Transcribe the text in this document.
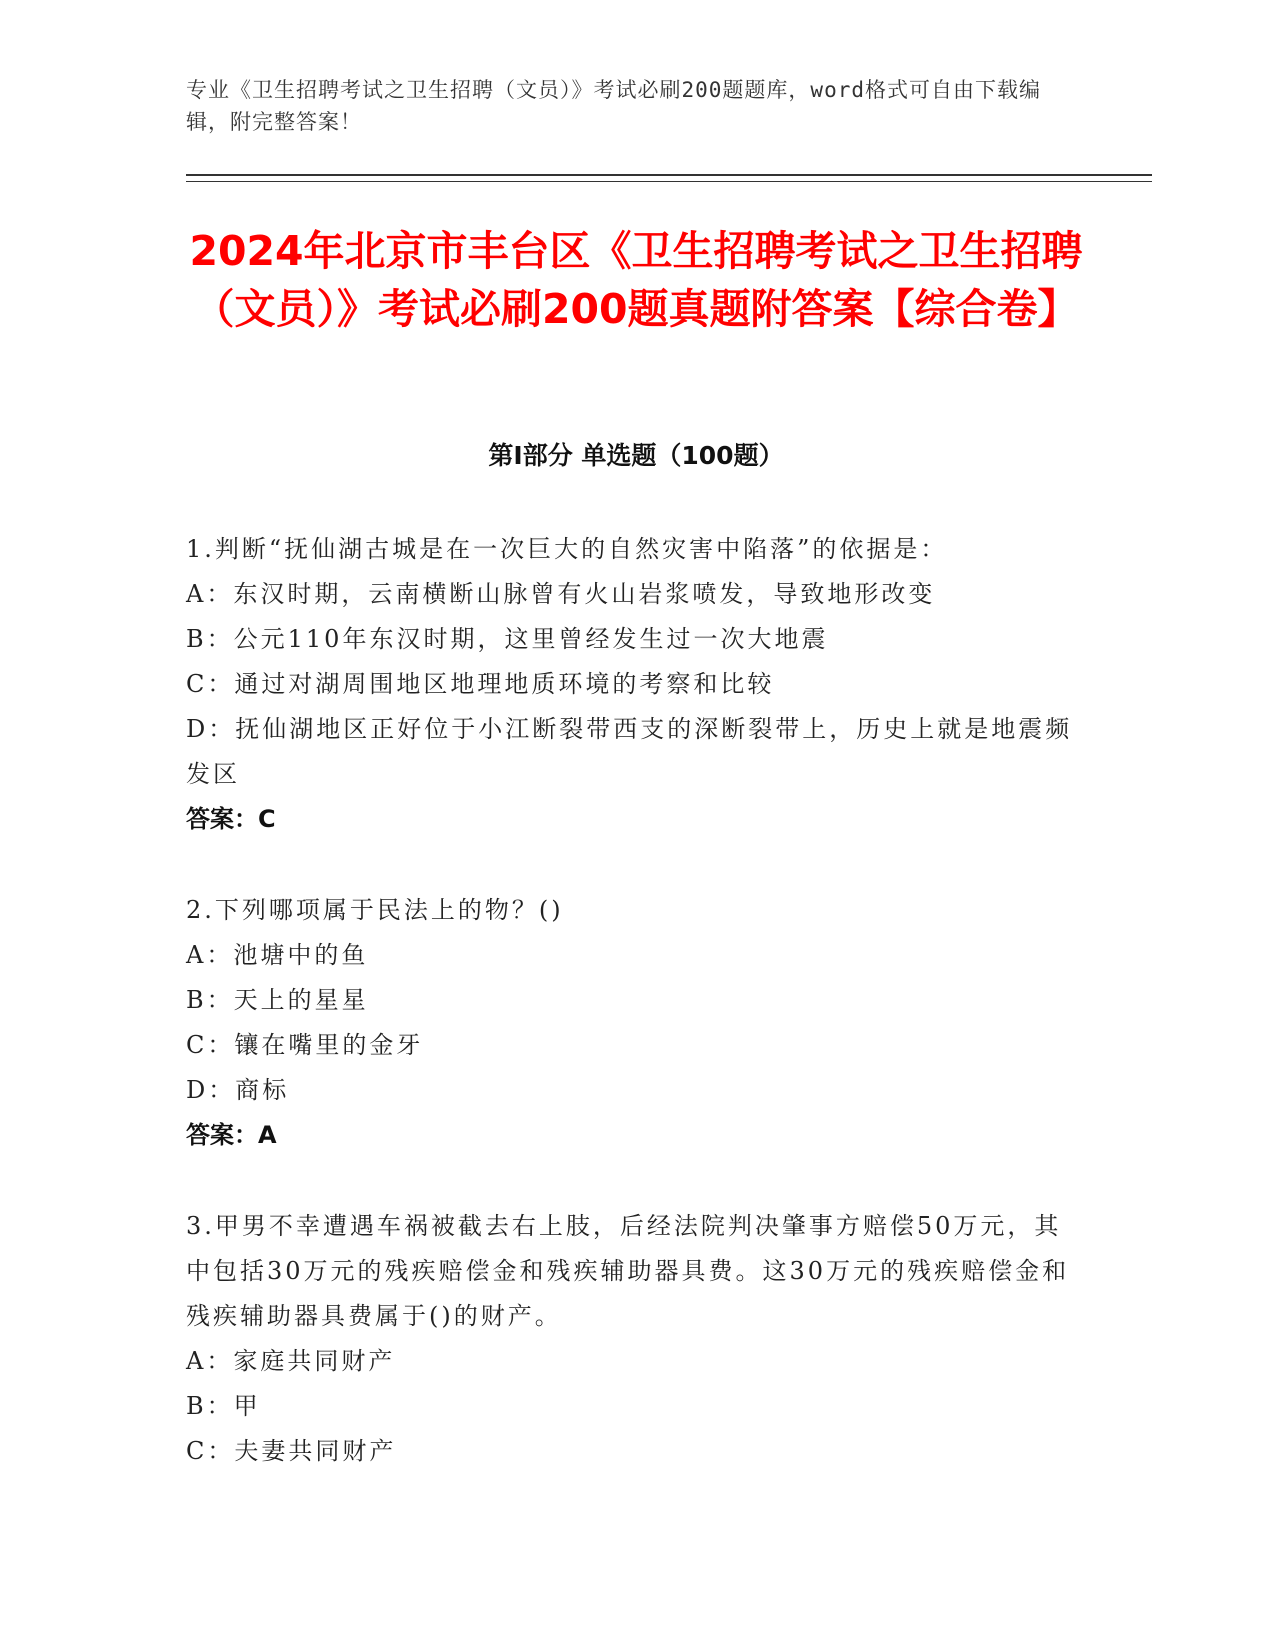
专业《卫生招聘考试之卫生招聘（文员）》考试必刷200题题库，word格式可自由下载编辑，附完整答案！
2024年北京市丰台区《卫生招聘考试之卫生招聘（文员）》考试必刷200题真题附答案【综合卷】
第Ⅰ部分 单选题（100题）
1.判断“抚仙湖古城是在一次巨大的自然灾害中陷落”的依据是：
A：东汉时期，云南横断山脉曾有火山岩浆喷发，导致地形改变
B：公元110年东汉时期，这里曾经发生过一次大地震
C：通过对湖周围地区地理地质环境的考察和比较
D：抚仙湖地区正好位于小江断裂带西支的深断裂带上，历史上就是地震频发区
答案：C
2.下列哪项属于民法上的物？()
A：池塘中的鱼
B：天上的星星
C：镶在嘴里的金牙
D：商标
答案：A
3.甲男不幸遭遇车祸被截去右上肢，后经法院判决肇事方赔偿50万元，其中包括30万元的残疾赔偿金和残疾辅助器具费。这30万元的残疾赔偿金和残疾辅助器具费属于()的财产。
A：家庭共同财产
B：甲
C：夫妻共同财产
